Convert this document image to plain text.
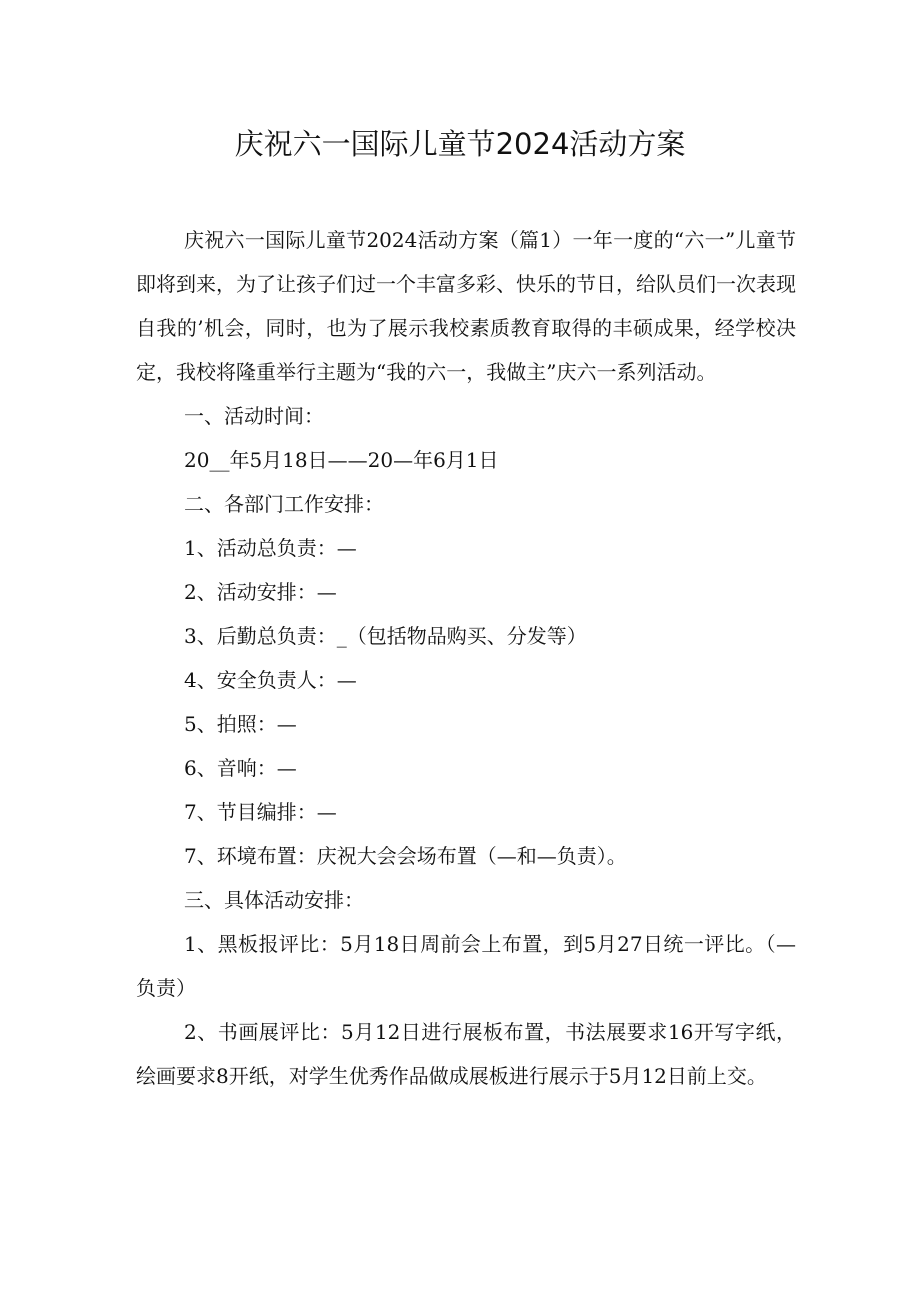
庆祝六一国际儿童节2024活动方案

庆祝六一国际儿童节2024活动方案（篇1）一年一度的“六一”儿童节即将到来，为了让孩子们过一个丰富多彩、快乐的节日，给队员们一次表现自我的’机会，同时，也为了展示我校素质教育取得的丰硕成果，经学校决定，我校将隆重举行主题为“我的六一，我做主”庆六一系列活动。

一、活动时间：

20__年5月18日——20—年6月1日

二、各部门工作安排：

1、活动总负责：—

2、活动安排：—

3、后勤总负责：_（包括物品购买、分发等）

4、安全负责人：—

5、拍照：—

6、音响：—

7、节目编排：—

7、环境布置：庆祝大会会场布置（—和—负责）。

三、具体活动安排：

1、黑板报评比：5月18日周前会上布置，到5月27日统一评比。（—负责）

2、书画展评比：5月12日进行展板布置，书法展要求16开写字纸，绘画要求8开纸，对学生优秀作品做成展板进行展示于5月12日前上交。
